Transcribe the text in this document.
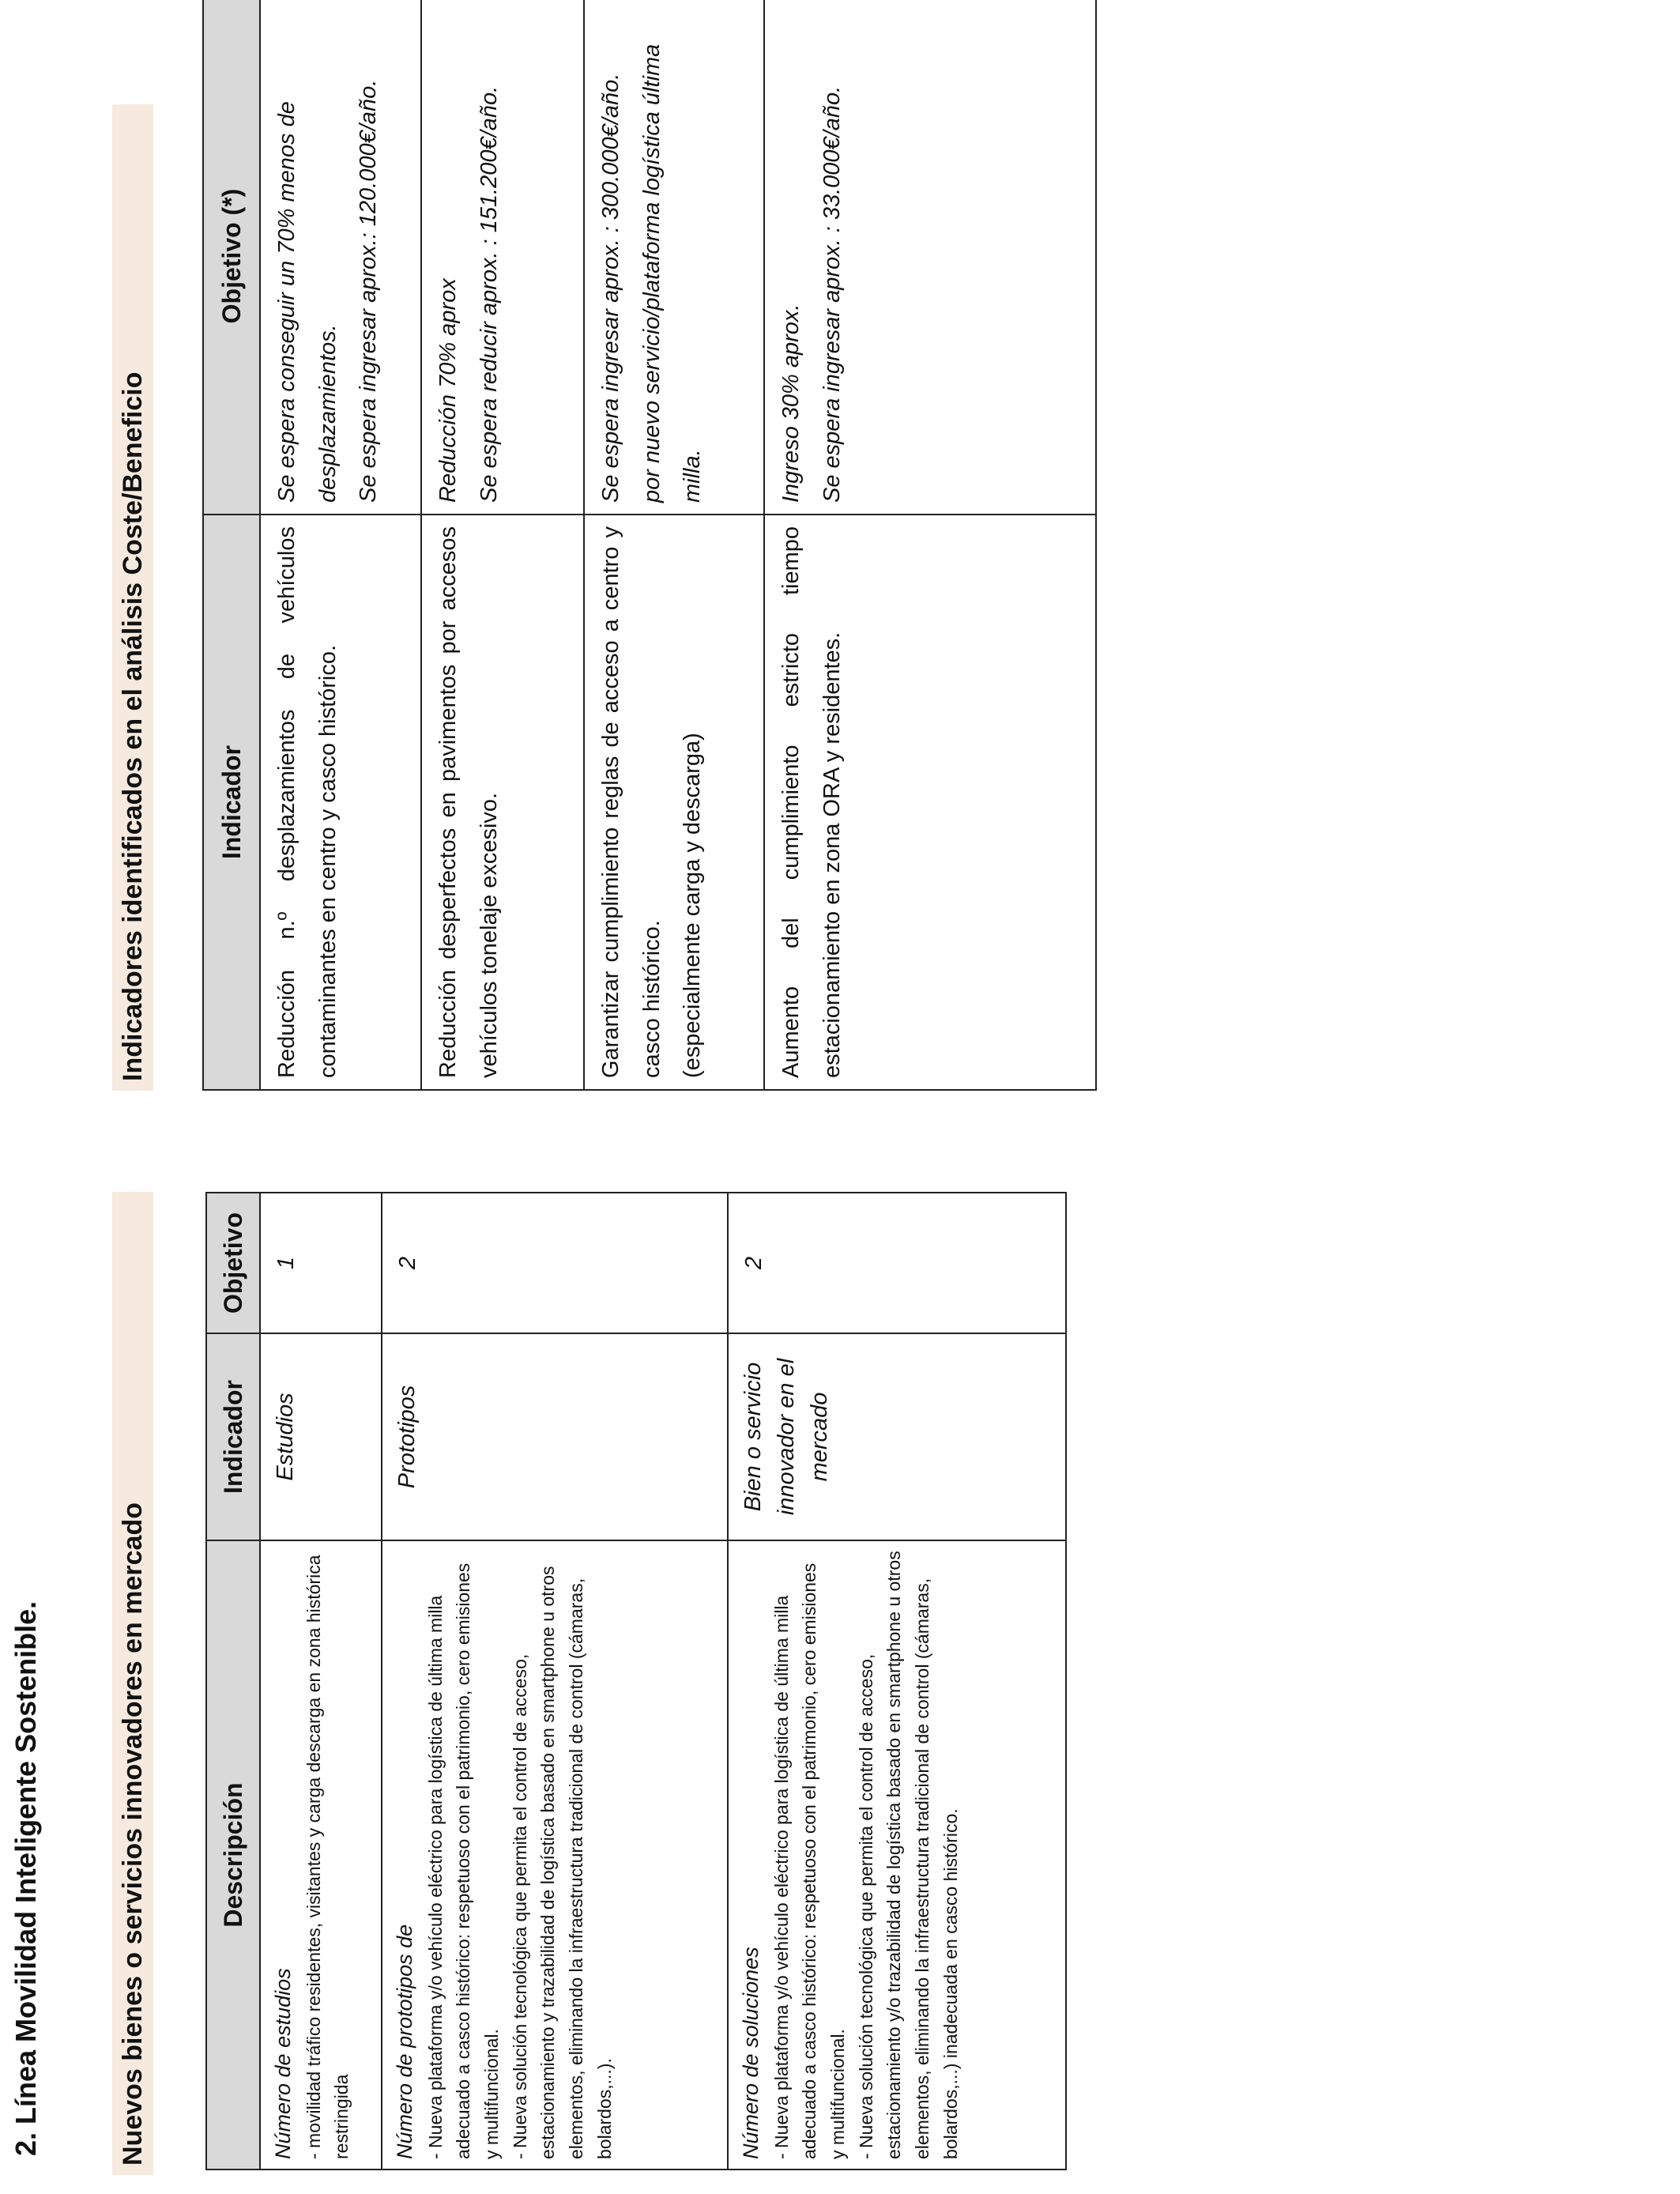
2. Línea Movilidad Inteligente Sostenible.	Nuevos bienes o servicios innovadores en mercado	Descripción	Indicador	Objetivo

Número de estudios - movilidad tráfico residentes, visitantes y carga descarga en zona histórica restringida	Estudios	1

Número de prototipos de - Nueva plataforma y/o vehículo eléctrico para logística de última milla adecuado a casco histórico: respetuoso con el patrimonio, cero emisiones y multifuncional. - Nueva solución tecnológica que permita el control de acceso, estacionamiento y trazabilidad de logística basado en smartphone u otros elementos, eliminando la infraestructura tradicional de control (cámaras, bolardos,...).	Prototipos	2

Número de soluciones - Nueva plataforma y/o vehículo eléctrico para logística de última milla adecuado a casco histórico: respetuoso con el patrimonio, cero emisiones y multifuncional. - Nueva solución tecnológica que permita el control de acceso, estacionamiento y/o trazabilidad de logística basado en smartphone u otros elementos, eliminando la infraestructura tradicional de control (cámaras, bolardos,...) inadecuada en casco histórico.	Bien o servicio innovador en el mercado	2
Indicadores identificados en el análisis Coste/Beneficio	Indicador	Objetivo (*)

Reducción n.º desplazamientos de vehículos contaminantes en centro y casco histórico.	Se espera conseguir un 70% menos de desplazamientos. Se espera ingresar aprox.: 120.000€/año.

Reducción desperfectos en pavimentos por accesos vehículos tonelaje excesivo.	Reducción 70% aprox Se espera reducir aprox. : 151.200€/año.

Garantizar cumplimiento reglas de acceso a centro y casco histórico. (especialmente carga y descarga)	Se espera ingresar aprox. : 300.000€/año. por nuevo servicio/plataforma logística última milla.

Aumento del cumplimiento estricto tiempo estacionamiento en zona ORA y residentes.	Ingreso 30% aprox. Se espera ingresar aprox. : 33.000€/año.
